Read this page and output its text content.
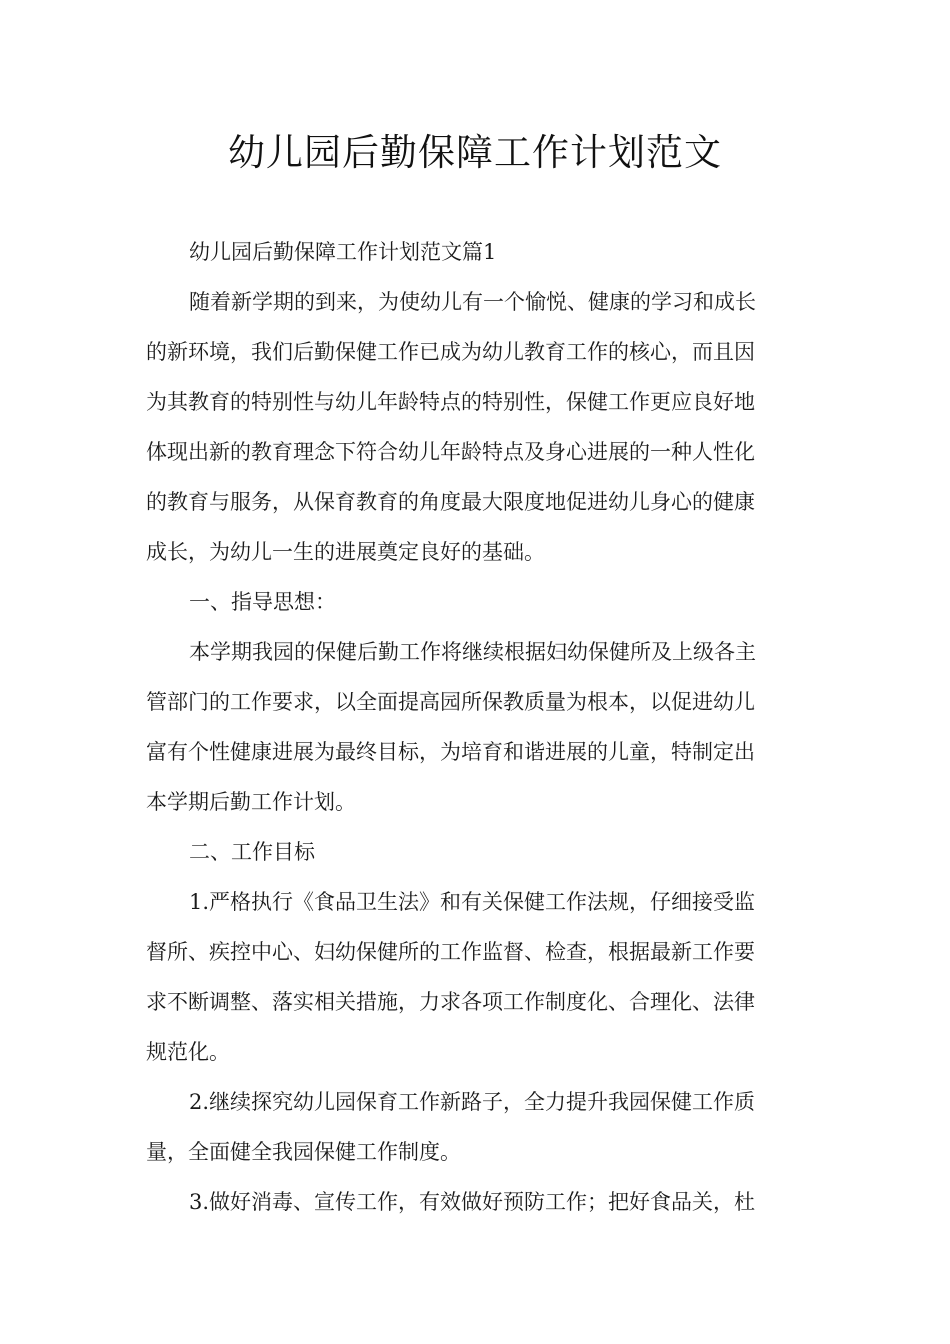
幼儿园后勤保障工作计划范文
幼儿园后勤保障工作计划范文篇1
随着新学期的到来，为使幼儿有一个愉悦、健康的学习和成长
的新环境，我们后勤保健工作已成为幼儿教育工作的核心，而且因
为其教育的特别性与幼儿年龄特点的特别性，保健工作更应良好地
体现出新的教育理念下符合幼儿年龄特点及身心进展的一种人性化
的教育与服务，从保育教育的角度最大限度地促进幼儿身心的健康
成长，为幼儿一生的进展奠定良好的基础。
一、指导思想：
本学期我园的保健后勤工作将继续根据妇幼保健所及上级各主
管部门的工作要求，以全面提高园所保教质量为根本，以促进幼儿
富有个性健康进展为最终目标，为培育和谐进展的儿童，特制定出
本学期后勤工作计划。
二、工作目标
1.严格执行《食品卫生法》和有关保健工作法规，仔细接受监
督所、疾控中心、妇幼保健所的工作监督、检查，根据最新工作要
求不断调整、落实相关措施，力求各项工作制度化、合理化、法律
规范化。
2.继续探究幼儿园保育工作新路子，全力提升我园保健工作质
量，全面健全我园保健工作制度。
3.做好消毒、宣传工作，有效做好预防工作；把好食品关，杜
